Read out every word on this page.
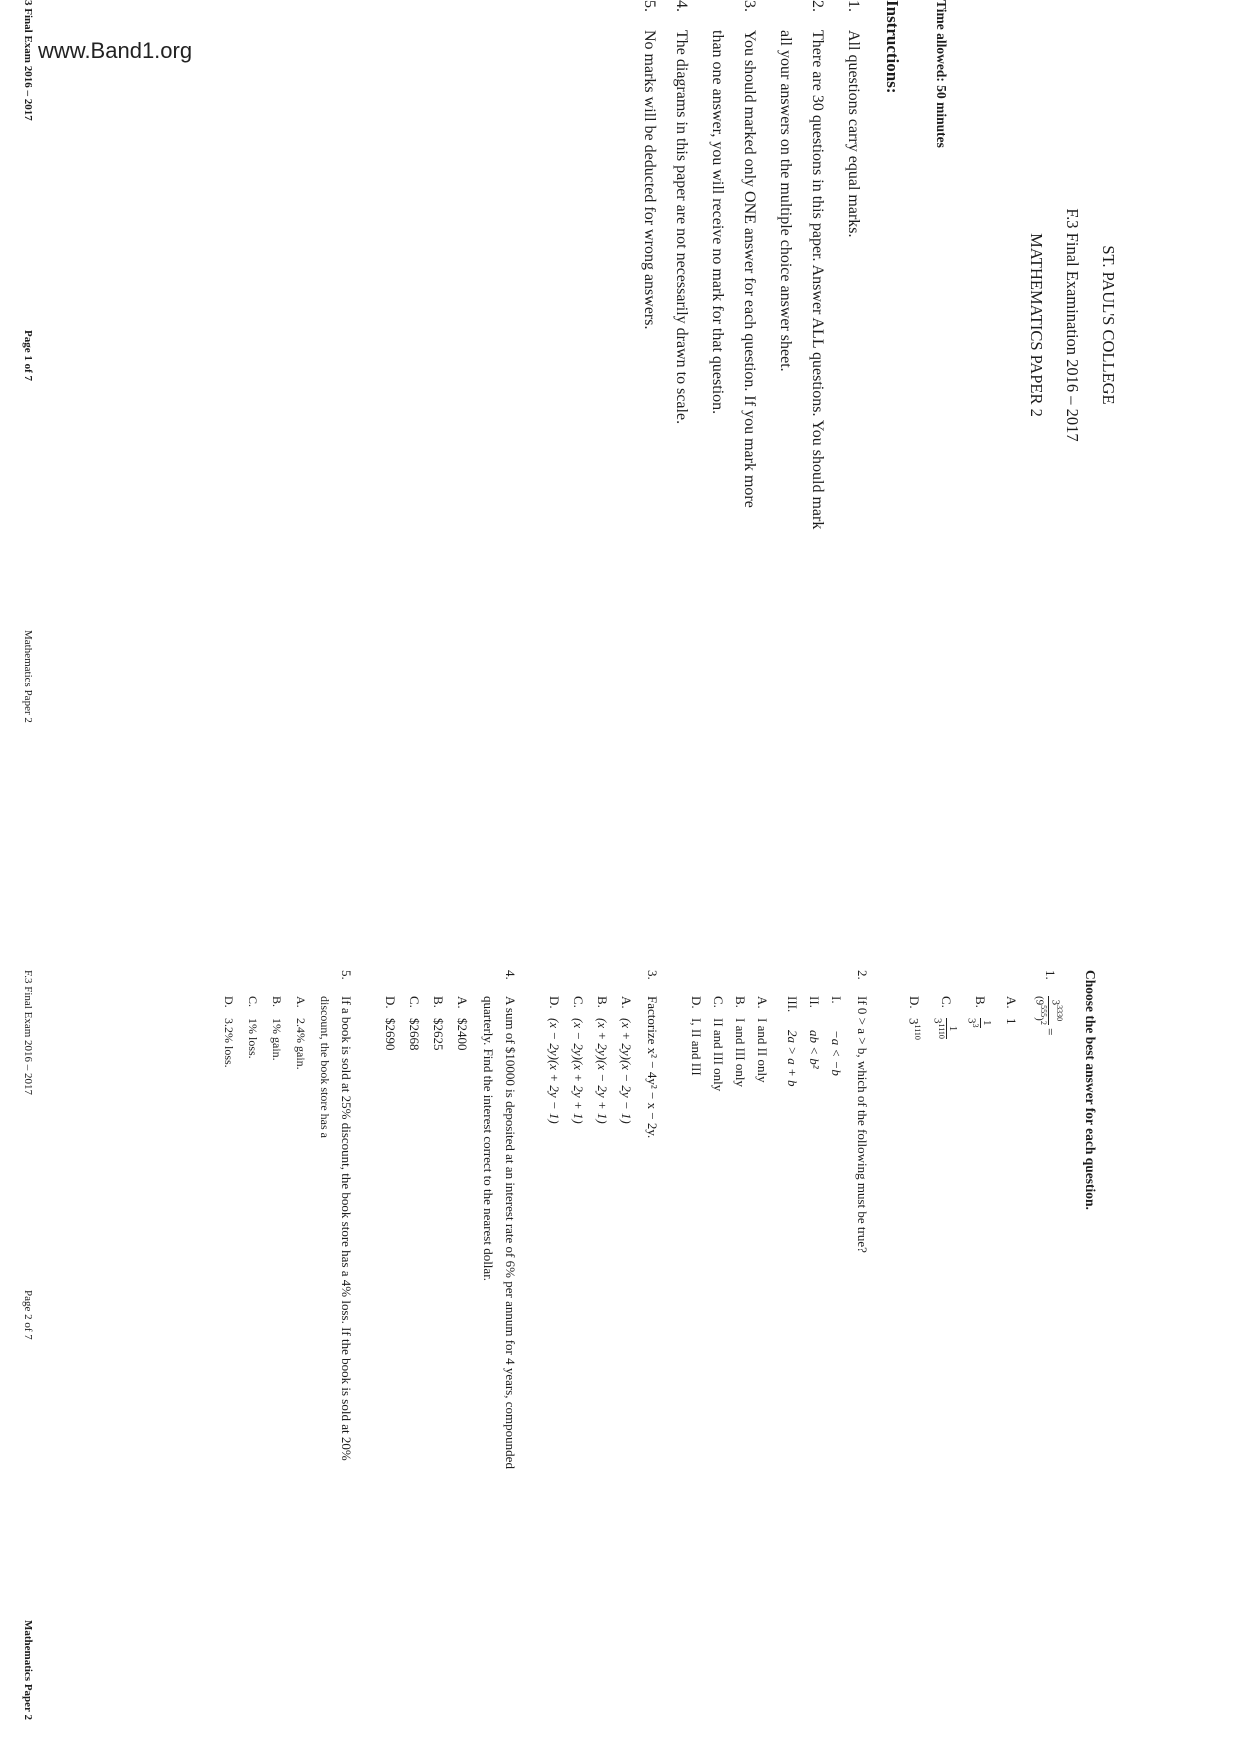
www.Band1.org
ST. PAUL'S COLLEGE
F.3 Final Examination 2016 – 2017
MATHEMATICS PAPER 2
Time allowed: 50 minutes
Instructions:
1.All questions carry equal marks.
2.There are 30 questions in this paper. Answer ALL questions. You should mark
all your answers on the multiple choice answer sheet.
3.You should marked only ONE answer for each question. If you mark more
than one answer, you will receive no mark for that question.
4.The diagrams in this paper are not necessarily drawn to scale.
5.No marks will be deducted for wrong answers.
3 Final Exam 2016 – 2017
Page 1 of 7
Mathematics Paper 2
Choose the best answer for each question.
1.
$3^{3330}$
$(9^{555})^2$
=
A.1
B.
1
$3^3$
C.
1
$3^{1110}$
$D.3^{1110}$
2.If 0 > a > b, which of the following must be true?
I.−a < −b
II.ab < b²
III.2a > a + b
A.I and II only
B.I and III only
C.II and III only
D.I, II and III
3.Factorize x² − 4y² − x − 2y.
A.(x + 2y)(x − 2y − 1)
B.(x + 2y)(x − 2y + 1)
C.(x − 2y)(x + 2y + 1)
D.(x − 2y)(x + 2y − 1)
4.A sum of $10000 is deposited at an interest rate of 6% per annum for 4 years, compounded
quarterly. Find the interest correct to the nearest dollar.
A.$2400
B.$2625
C.$2668
D.$2690
5.If a book is sold at 25% discount, the book store has a 4% loss. If the book is sold at 20%
discount, the book store has a
A.2.4% gain.
B.1% gain.
C.1% loss.
D.3.2% loss.
F.3 Final Exam 2016 – 2017
Page 2 of 7
Mathematics Paper 2
